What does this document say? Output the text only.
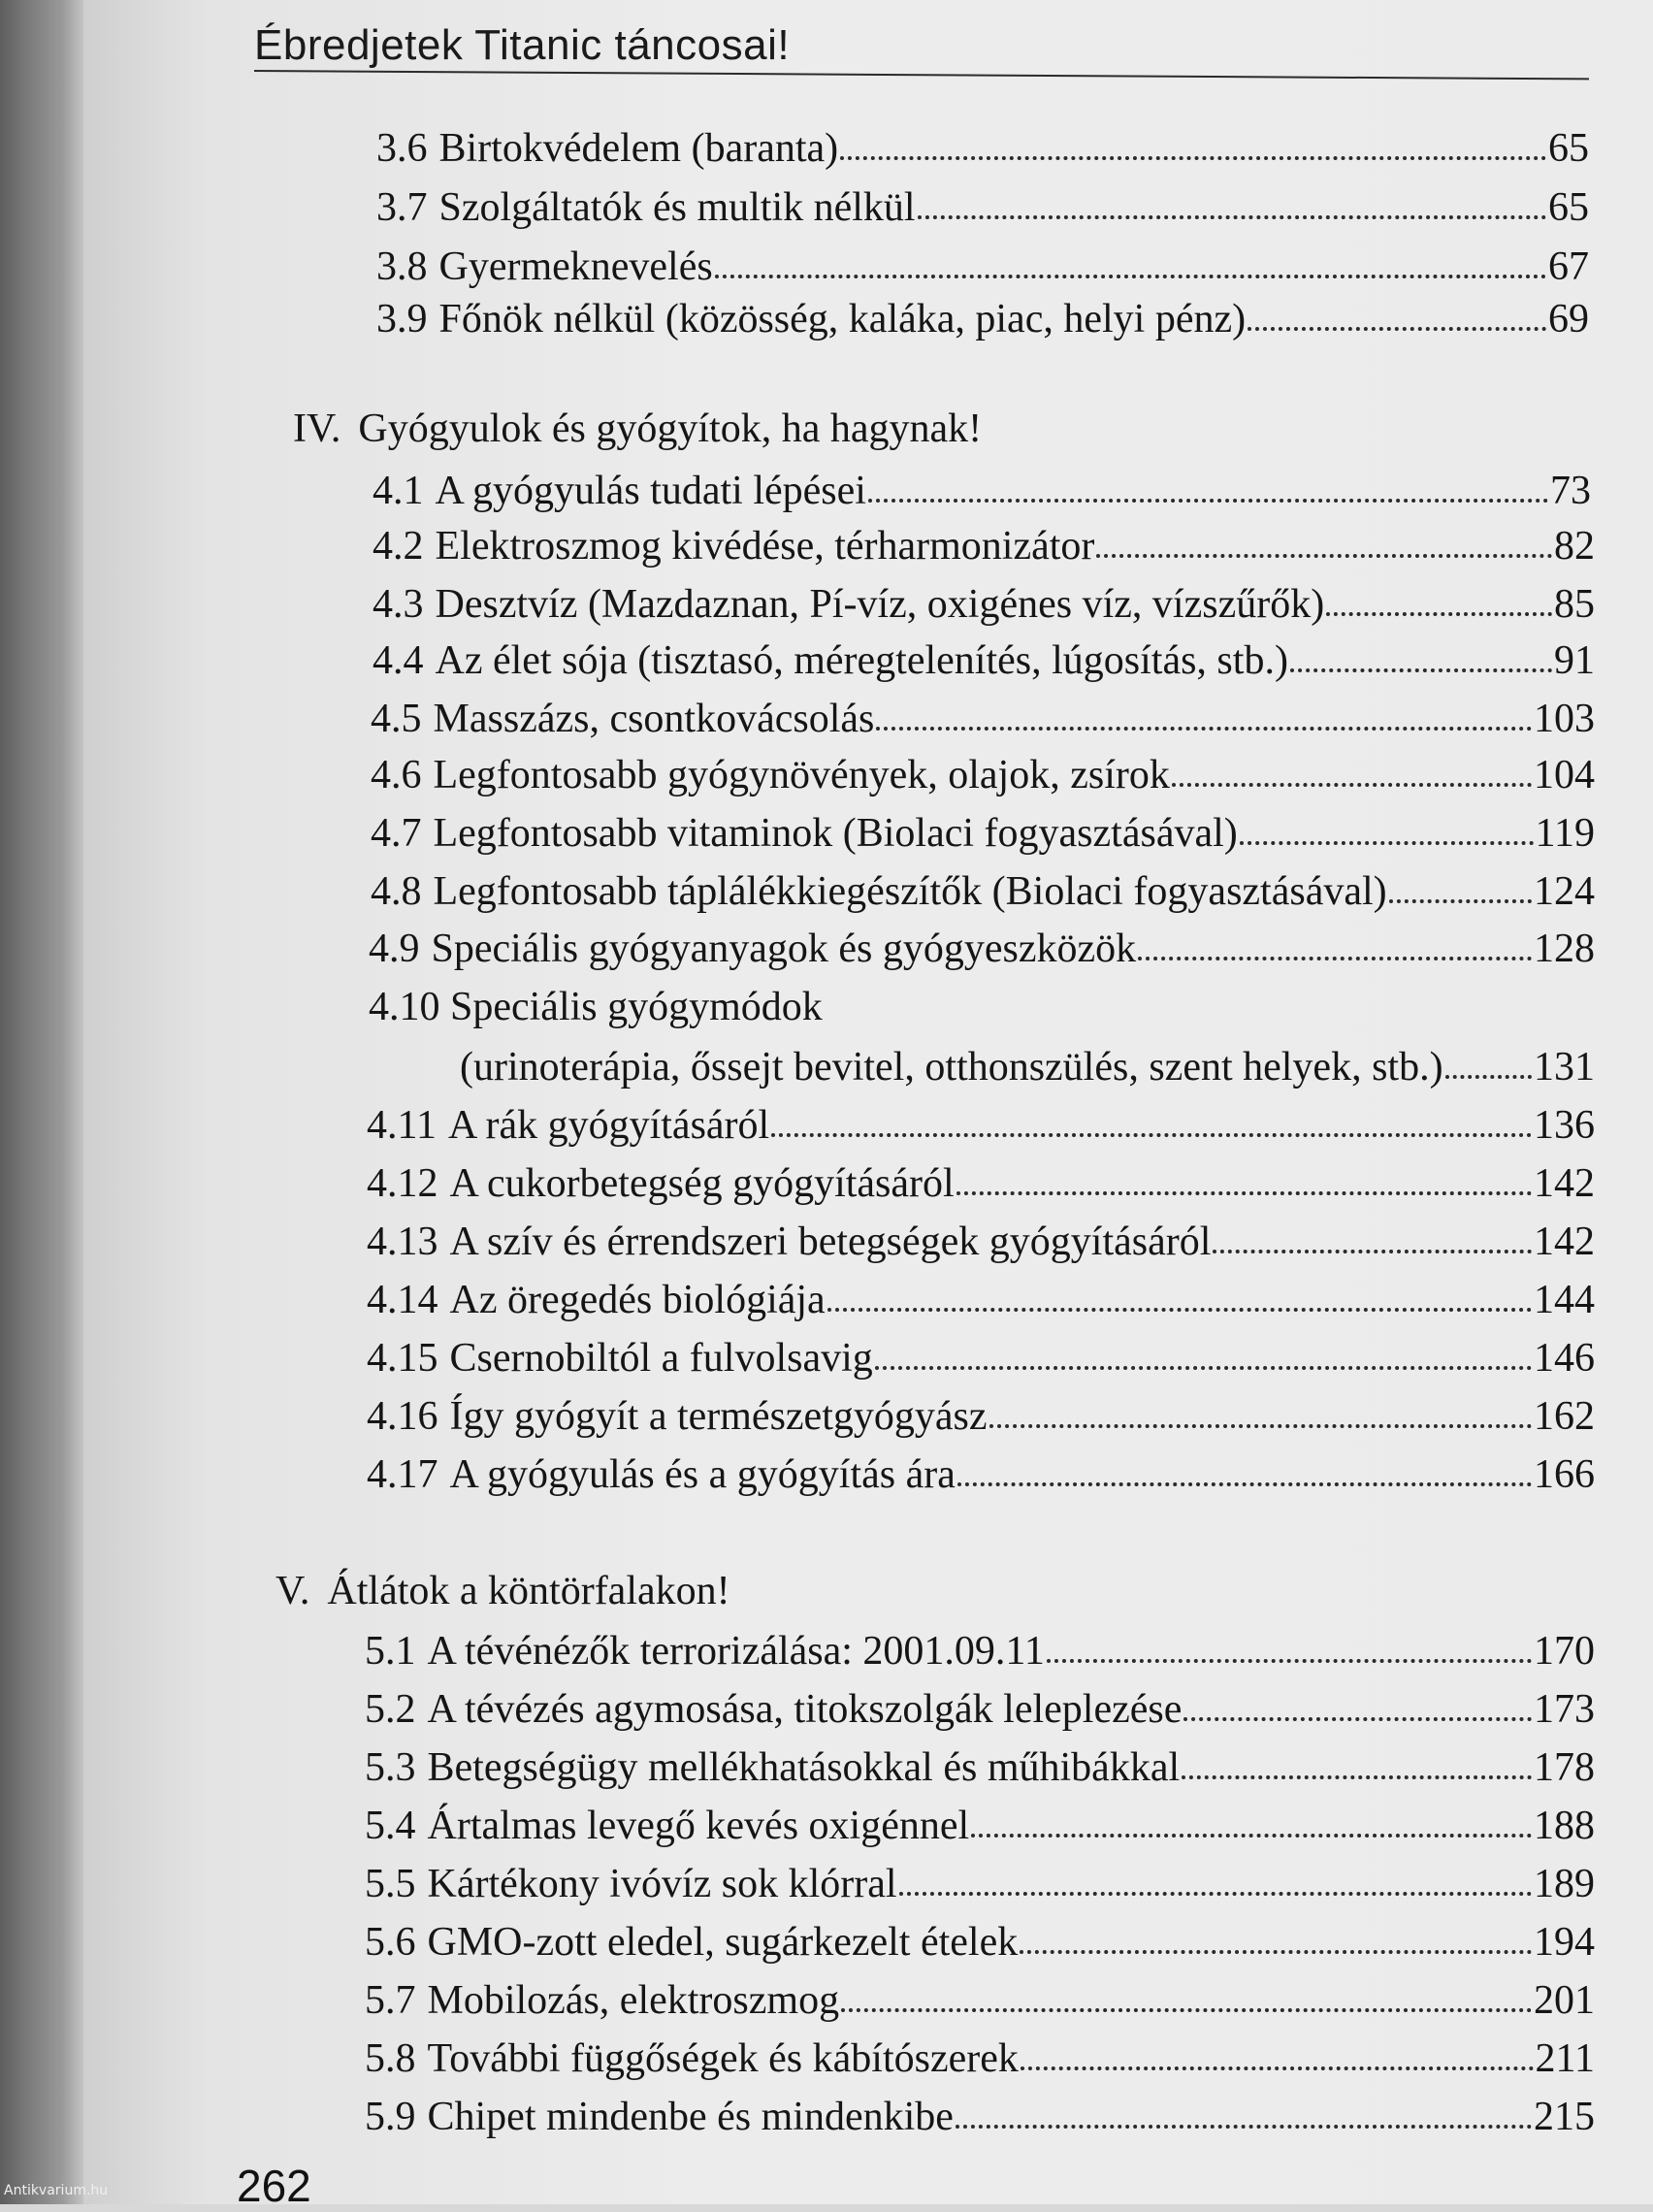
Ébredjetek Titanic táncosai!
3.6 Birtokvédelem (baranta)	65
3.7 Szolgáltatók és multik nélkül	65
3.8 Gyermeknevelés	67
3.9 Főnök nélkül (közösség, kaláka, piac, helyi pénz)	69
IV. Gyógyulok és gyógyítok, ha hagynak!
4.1 A gyógyulás tudati lépései	73
4.2 Elektroszmog kivédése, térharmonizátor	82
4.3 Desztvíz (Mazdaznan, Pí-víz, oxigénes víz, vízszűrők)	85
4.4 Az élet sója (tisztasó, méregtelenítés, lúgosítás, stb.)	91
4.5 Masszázs, csontkovácsolás	103
4.6 Legfontosabb gyógynövények, olajok, zsírok	104
4.7 Legfontosabb vitaminok (Biolaci fogyasztásával)	119
4.8 Legfontosabb táplálékkiegészítők (Biolaci fogyasztásával)	124
4.9 Speciális gyógyanyagok és gyógyeszközök	128
4.10 Speciális gyógymódok
(urinoterápia, őssejt bevitel, otthonszülés, szent helyek, stb.) 131
4.11 A rák gyógyításáról	136
4.12 A cukorbetegség gyógyításáról	142
4.13 A szív és érrendszeri betegségek gyógyításáról	142
4.14 Az öregedés biológiája	144
4.15 Csernobiltól a fulvolsavig	146
4.16 Így gyógyít a természetgyógyász	162
4.17 A gyógyulás és a gyógyítás ára	166
V. Átlátok a köntörfalakon!
5.1 A tévénézők terrorizálása: 2001.09.11	170
5.2 A tévézés agymosása, titokszolgák leleplezése	173
5.3 Betegségügy mellékhatásokkal és műhibákkal	178
5.4 Ártalmas levegő kevés oxigénnel	188
5.5 Kártékony ivóvíz sok klórral	189
5.6 GMO-zott eledel, sugárkezelt ételek	194
5.7 Mobilozás, elektroszmog	201
5.8 További függőségek és kábítószerek	211
5.9 Chipet mindenbe és mindenkibe	215
262
Antikvarium.hu
